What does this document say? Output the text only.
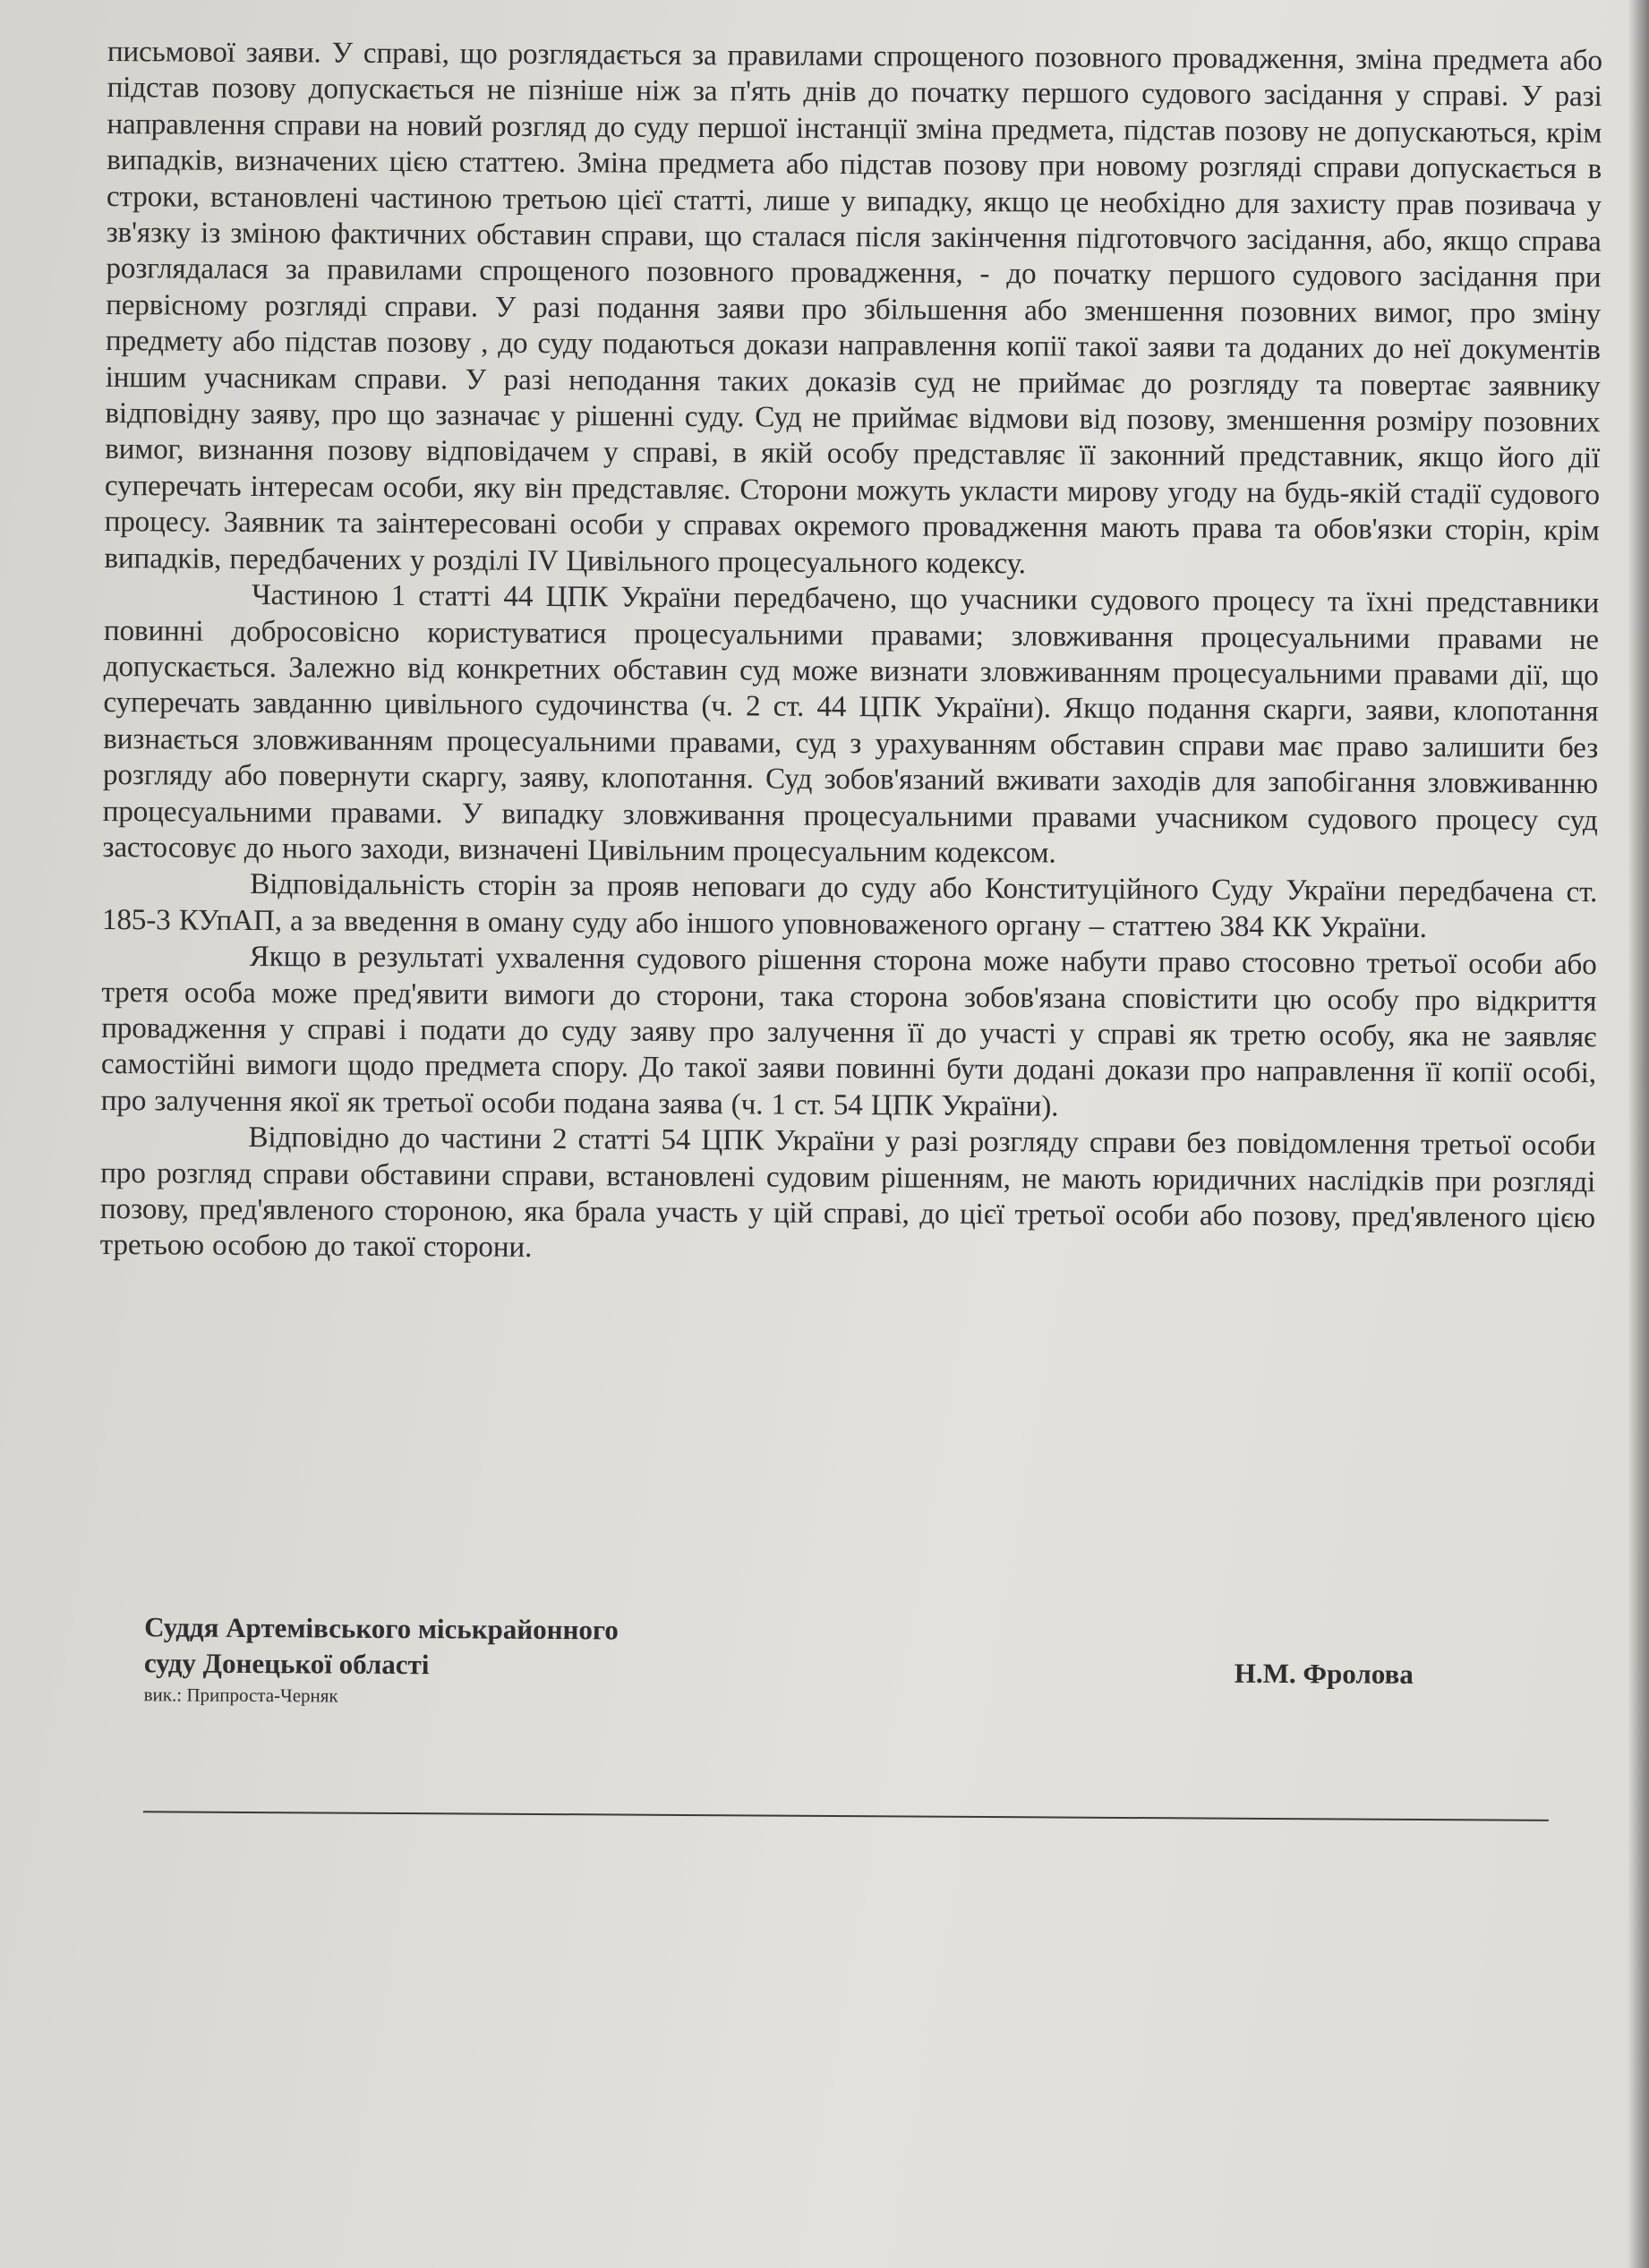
письмової заяви. У справі, що розглядається за правилами спрощеного позовного провадження, зміна предмета або підстав позову допускається не пізніше ніж за п'ять днів до початку першого судового засідання у справі. У разі направлення справи на новий розгляд до суду першої інстанції зміна предмета, підстав позову не допускаються, крім випадків, визначених цією статтею. Зміна предмета або підстав позову при новому розгляді справи допускається в строки, встановлені частиною третьою цієї статті, лише у випадку, якщо це необхідно для захисту прав позивача у зв'язку із зміною фактичних обставин справи, що сталася після закінчення підготовчого засідання, або, якщо справа розглядалася за правилами спрощеного позовного провадження, - до початку першого судового засідання при первісному розгляді справи. У разі подання заяви про збільшення або зменшення позовних вимог, про зміну предмету або підстав позову , до суду подаються докази направлення копії такої заяви та доданих до неї документів іншим учасникам справи. У разі неподання таких доказів суд не приймає до розгляду та повертає заявнику відповідну заяву, про що зазначає у рішенні суду. Суд не приймає відмови від позову, зменшення розміру позовних вимог, визнання позову відповідачем у справі, в якій особу представляє її законний представник, якщо його дії суперечать інтересам особи, яку він представляє. Сторони можуть укласти мирову угоду на будь-якій стадії судового процесу. Заявник та заінтересовані особи у справах окремого провадження мають права та обов'язки сторін, крім випадків, передбачених у розділі IV Цивільного процесуального кодексу.

Частиною 1 статті 44 ЦПК України передбачено, що учасники судового процесу та їхні представники повинні добросовісно користуватися процесуальними правами; зловживання процесуальними правами не допускається. Залежно від конкретних обставин суд може визнати зловживанням процесуальними правами дії, що суперечать завданню цивільного судочинства (ч. 2 ст. 44 ЦПК України). Якщо подання скарги, заяви, клопотання визнається зловживанням процесуальними правами, суд з урахуванням обставин справи має право залишити без розгляду або повернути скаргу, заяву, клопотання. Суд зобов'язаний вживати заходів для запобігання зловживанню процесуальними правами. У випадку зловживання процесуальними правами учасником судового процесу суд застосовує до нього заходи, визначені Цивільним процесуальним кодексом.

Відповідальність сторін за прояв неповаги до суду або Конституційного Суду України передбачена ст. 185-3 КУпАП, а за введення в оману суду або іншого уповноваженого органу – статтею 384 КК України.

Якщо в результаті ухвалення судового рішення сторона може набути право стосовно третьої особи або третя особа може пред'явити вимоги до сторони, така сторона зобов'язана сповістити цю особу про відкриття провадження у справі і подати до суду заяву про залучення її до участі у справі як третю особу, яка не заявляє самостійні вимоги щодо предмета спору. До такої заяви повинні бути додані докази про направлення її копії особі, про залучення якої як третьої особи подана заява (ч. 1 ст. 54 ЦПК України).

Відповідно до частини 2 статті 54 ЦПК України у разі розгляду справи без повідомлення третьої особи про розгляд справи обставини справи, встановлені судовим рішенням, не мають юридичних наслідків при розгляді позову, пред'явленого стороною, яка брала участь у цій справі, до цієї третьої особи або позову, пред'явленого цією третьою особою до такої сторони.

Суддя Артемівського міськрайонного

суду Донецької області

вик.: Припроста-Черняк

Н.М. Фролова
